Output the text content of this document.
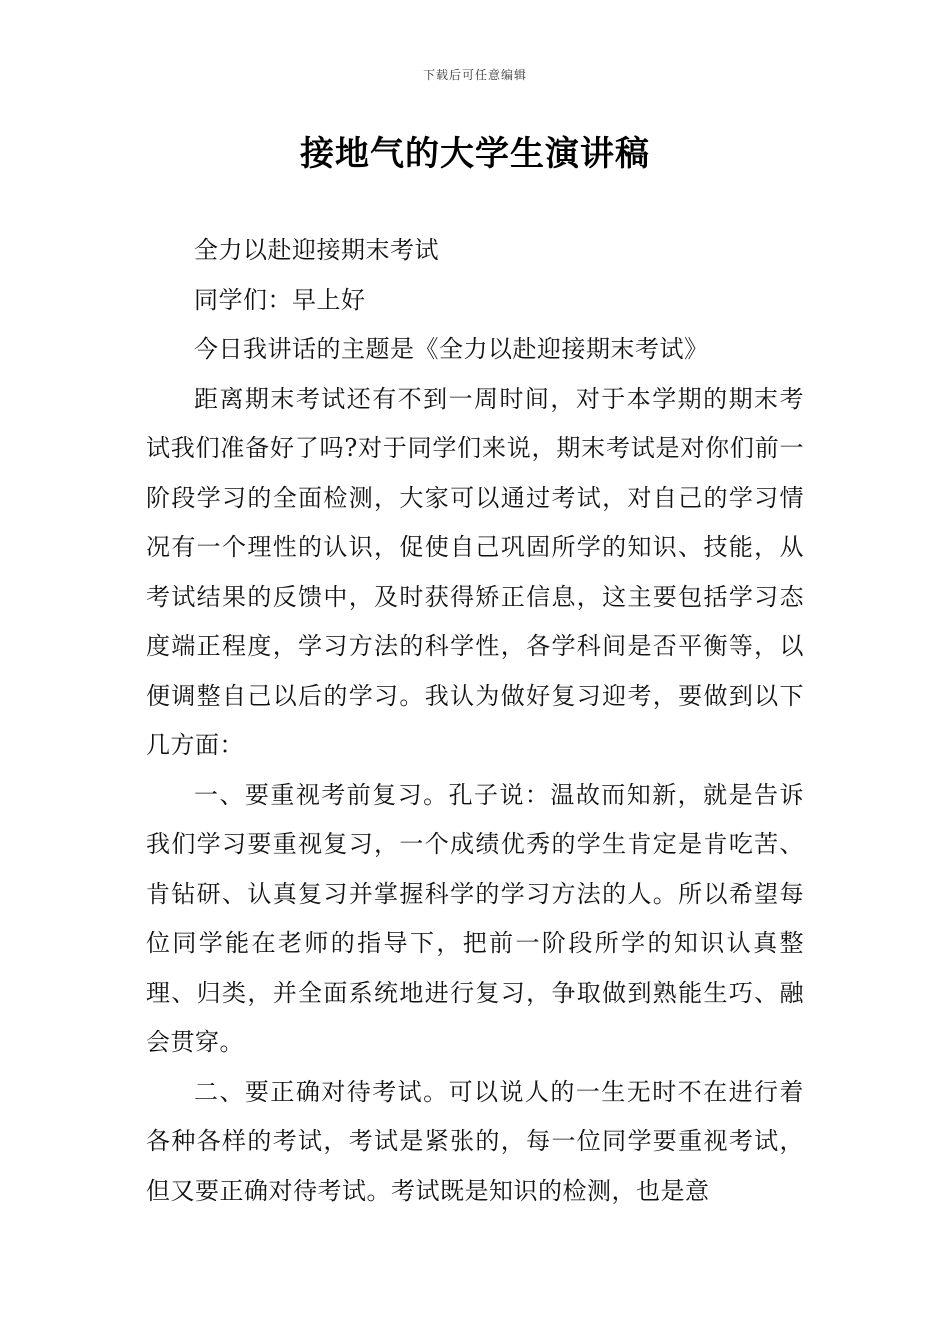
下载后可任意编辑
接地气的大学生演讲稿

全力以赴迎接期末考试

同学们：早上好

今日我讲话的主题是《全力以赴迎接期末考试》

距离期末考试还有不到一周时间，对于本学期的期末考试我们准备好了吗?对于同学们来说，期末考试是对你们前一阶段学习的全面检测，大家可以通过考试，对自己的学习情况有一个理性的认识，促使自己巩固所学的知识、技能，从考试结果的反馈中，及时获得矫正信息，这主要包括学习态度端正程度，学习方法的科学性，各学科间是否平衡等，以便调整自己以后的学习。我认为做好复习迎考，要做到以下几方面：

一、要重视考前复习。孔子说：温故而知新，就是告诉我们学习要重视复习，一个成绩优秀的学生肯定是肯吃苦、肯钻研、认真复习并掌握科学的学习方法的人。所以希望每位同学能在老师的指导下，把前一阶段所学的知识认真整理、归类，并全面系统地进行复习，争取做到熟能生巧、融会贯穿。

二、要正确对待考试。可以说人的一生无时不在进行着各种各样的考试，考试是紧张的，每一位同学要重视考试，但又要正确对待考试。考试既是知识的检测，也是意
